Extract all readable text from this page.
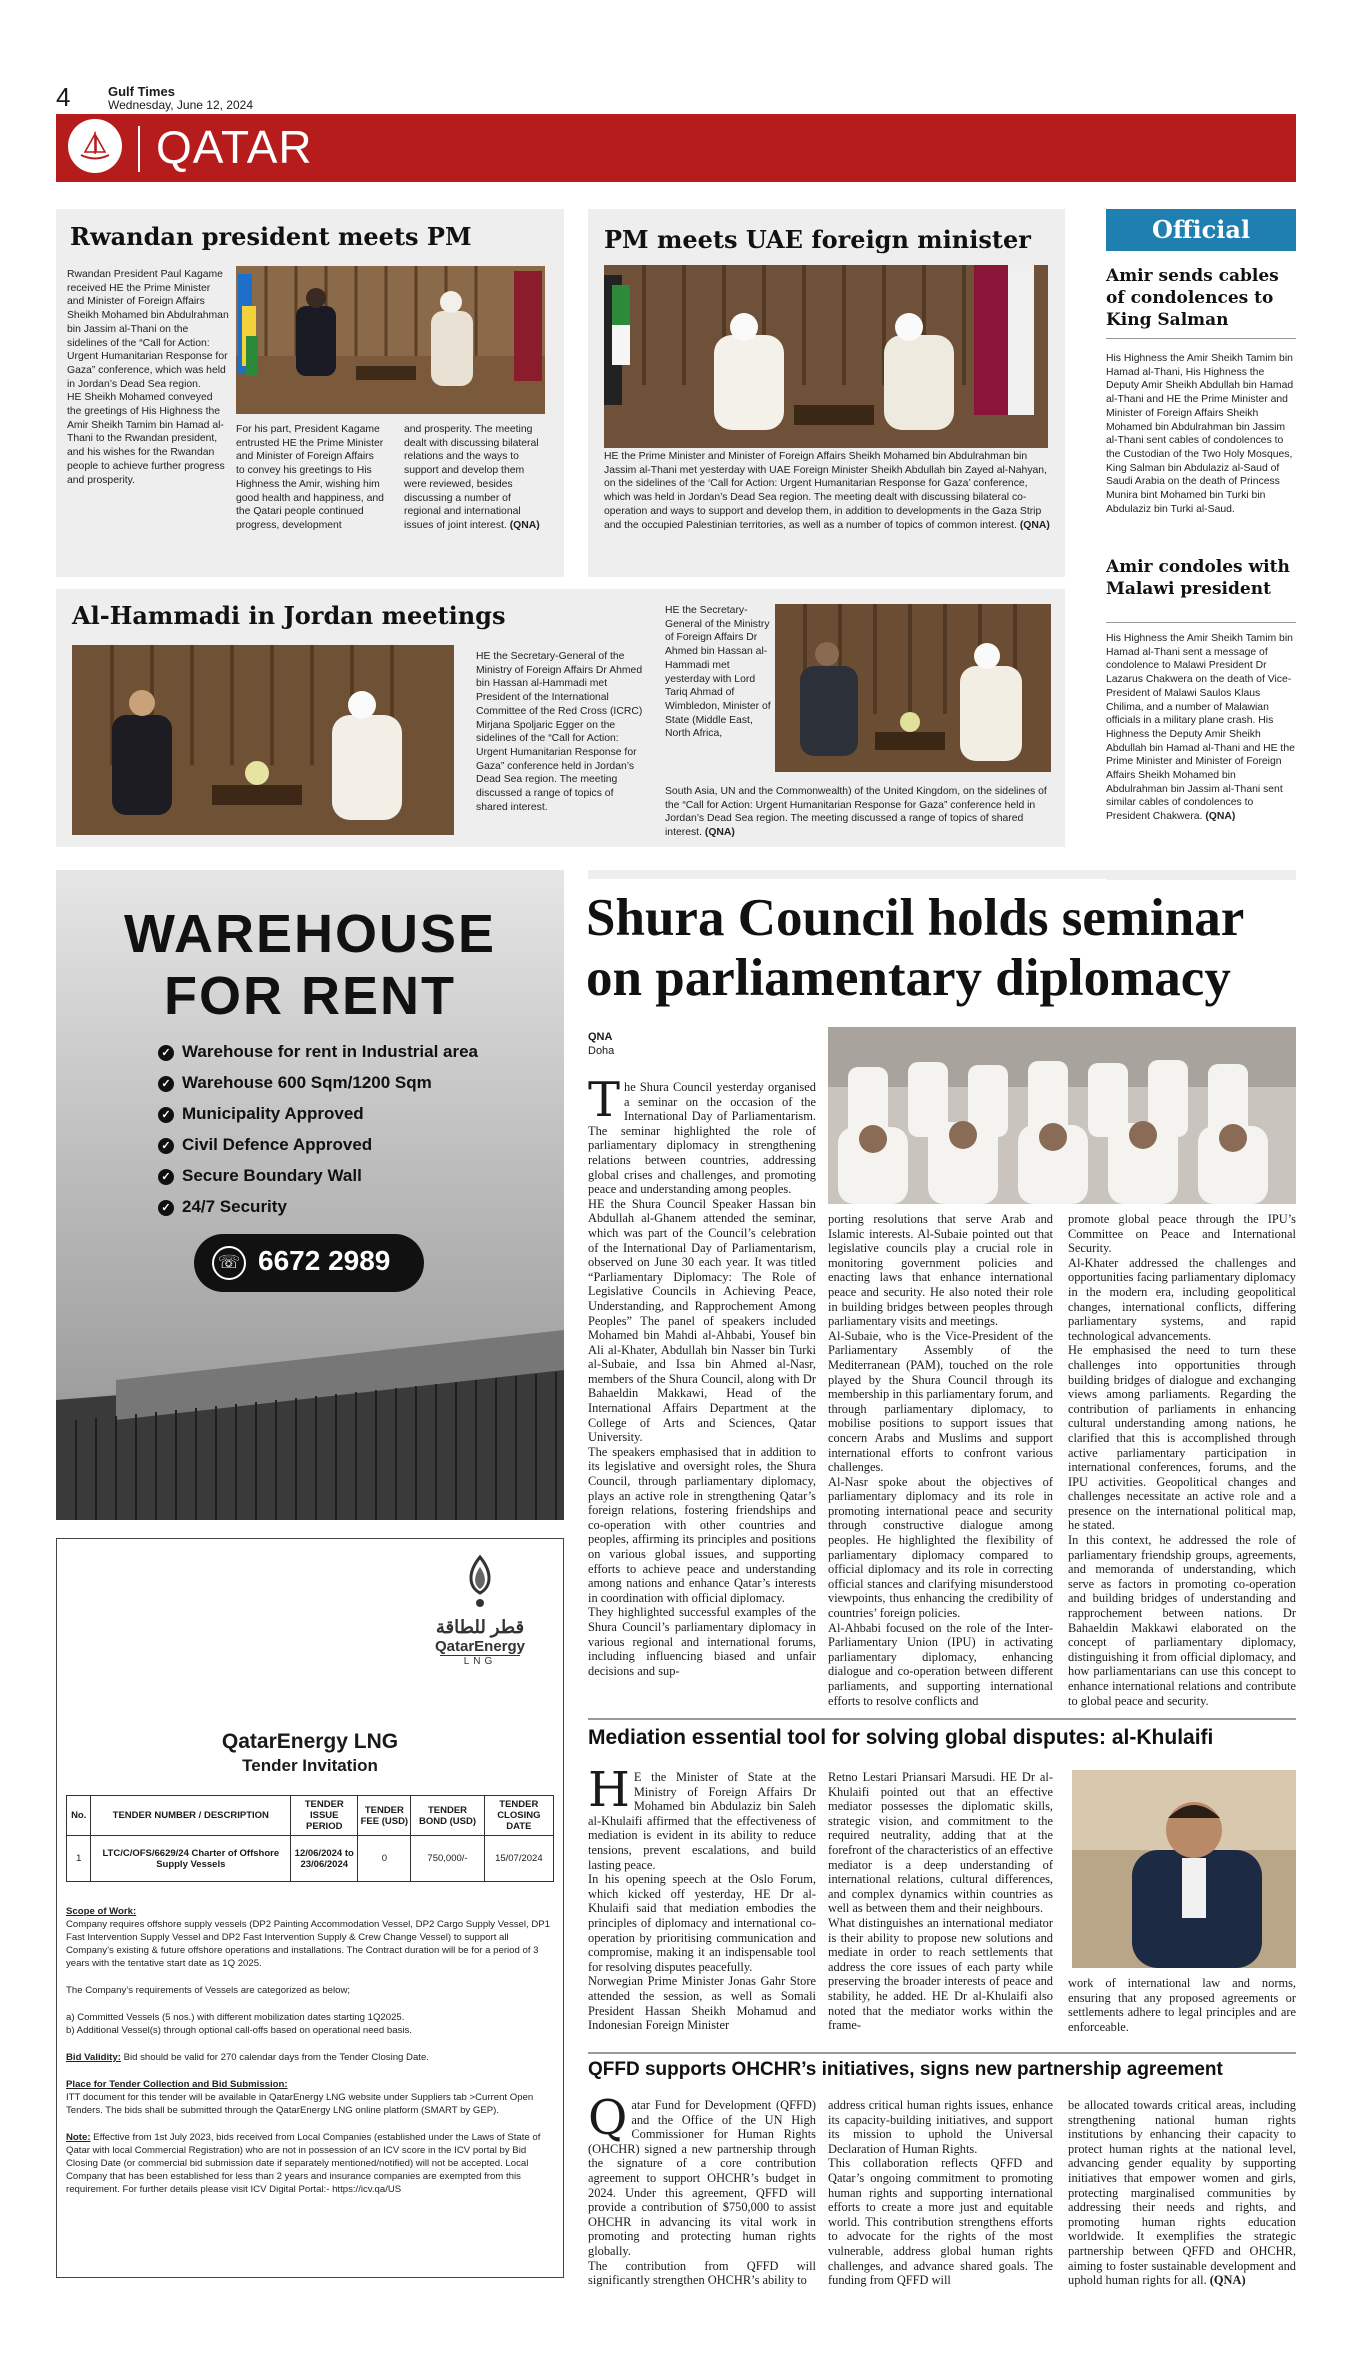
4	Gulf Times
Wednesday, June 12, 2024
QATAR
Rwandan president meets PM
Rwandan President Paul Kagame received HE the Prime Minister and Minister of Foreign Affairs Sheikh Mohamed bin Abdulrahman bin Jassim al-Thani on the sidelines of the “Call for Action: Urgent Humanitarian Response for Gaza” conference, which was held in Jordan’s Dead Sea region.
HE Sheikh Mohamed conveyed the greetings of His Highness the Amir Sheikh Tamim bin Hamad al-Thani to the Rwandan president, and his wishes for the Rwandan people to achieve further progress and prosperity.
For his part, President Kagame entrusted HE the Prime Minister and Minister of Foreign Affairs to convey his greetings to His Highness the Amir, wishing him good health and happiness, and the Qatari people continued progress, development
and prosperity. The meeting dealt with discussing bilateral relations and the ways to support and develop them were reviewed, besides discussing a number of regional and international issues of joint interest. (QNA)
PM meets UAE foreign minister
HE the Prime Minister and Minister of Foreign Affairs Sheikh Mohamed bin Abdulrahman bin Jassim al-Thani met yesterday with UAE Foreign Minister Sheikh Abdullah bin Zayed al-Nahyan, on the sidelines of the ‘Call for Action: Urgent Humanitarian Response for Gaza’ conference, which was held in Jordan’s Dead Sea region. The meeting dealt with discussing bilateral co-operation and ways to support and develop them, in addition to developments in the Gaza Strip and the occupied Palestinian territories, as well as a number of topics of common interest. (QNA)
Official
Amir sends cables of condolences to King Salman
His Highness the Amir Sheikh Tamim bin Hamad al-Thani, His Highness the Deputy Amir Sheikh Abdullah bin Hamad al-Thani and HE the Prime Minister and Minister of Foreign Affairs Sheikh Mohamed bin Abdulrahman bin Jassim al-Thani sent cables of condolences to the Custodian of the Two Holy Mosques, King Salman bin Abdulaziz al-Saud of Saudi Arabia on the death of Princess Munira bint Mohamed bin Turki bin Abdulaziz bin Turki al-Saud.
Amir condoles with Malawi president
His Highness the Amir Sheikh Tamim bin Hamad al-Thani sent a message of condolence to Malawi President Dr Lazarus Chakwera on the death of Vice-President of Malawi Saulos Klaus Chilima, and a number of Malawian officials in a military plane crash. His Highness the Deputy Amir Sheikh Abdullah bin Hamad al-Thani and HE the Prime Minister and Minister of Foreign Affairs Sheikh Mohamed bin Abdulrahman bin Jassim al-Thani sent similar cables of condolences to President Chakwera. (QNA)
Al-Hammadi in Jordan meetings
HE the Secretary-General of the Ministry of Foreign Affairs Dr Ahmed bin Hassan al-Hammadi met President of the International Committee of the Red Cross (ICRC) Mirjana Spoljaric Egger on the sidelines of the “Call for Action: Urgent Humanitarian Response for Gaza” conference held in Jordan’s Dead Sea region. The meeting discussed a range of topics of shared interest.
HE the Secretary-General of the Ministry of Foreign Affairs Dr Ahmed bin Hassan al-Hammadi met yesterday with Lord Tariq Ahmad of Wimbledon, Minister of State (Middle East, North Africa,
South Asia, UN and the Commonwealth) of the United Kingdom, on the sidelines of the “Call for Action: Urgent Humanitarian Response for Gaza” conference held in Jordan’s Dead Sea region. The meeting discussed a range of topics of shared interest. (QNA)
WAREHOUSE
FOR RENT
✓ Warehouse for rent in Industrial area
✓ Warehouse 600 Sqm/1200 Sqm
✓ Municipality Approved
✓ Civil Defence Approved
✓ Secure Boundary Wall
✓ 24/7 Security
☏ 6672 2989
قطر للطاقة
QatarEnergy
LNG
QatarEnergy LNG
Tender Invitation
No.	TENDER NUMBER / DESCRIPTION	TENDER ISSUE PERIOD	TENDER FEE (USD)	TENDER BOND (USD)	TENDER CLOSING DATE
1	LTC/C/OFS/6629/24 Charter of Offshore Supply Vessels	12/06/2024 to 23/06/2024	0	750,000/-	15/07/2024
Scope of Work:
Company requires offshore supply vessels (DP2 Painting Accommodation Vessel, DP2 Cargo Supply Vessel, DP1 Fast Intervention Supply Vessel and DP2 Fast Intervention Supply & Crew Change Vessel) to support all Company’s existing & future offshore operations and installations. The Contract duration will be for a period of 3 years with the tentative start date as 1Q 2025.
The Company’s requirements of Vessels are categorized as below;
a) Committed Vessels (5 nos.) with different mobilization dates starting 1Q2025.
b) Additional Vessel(s) through optional call-offs based on operational need basis.
Bid Validity: Bid should be valid for 270 calendar days from the Tender Closing Date.
Place for Tender Collection and Bid Submission:
ITT document for this tender will be available in QatarEnergy LNG website under Suppliers tab >Current Open Tenders. The bids shall be submitted through the QatarEnergy LNG online platform (SMART by GEP).
Note: Effective from 1st July 2023, bids received from Local Companies (established under the Laws of State of Qatar with local Commercial Registration) who are not in possession of an ICV score in the ICV portal by Bid Closing Date (or commercial bid submission date if separately mentioned/notified) will not be accepted. Local Company that has been established for less than 2 years and insurance companies are exempted from this requirement. For further details please visit ICV Digital Portal:- https://icv.qa/US
Shura Council holds seminar
on parliamentary diplomacy
QNA
Doha
The Shura Council yesterday organised a seminar on the occasion of the International Day of Parliamentarism. The seminar highlighted the role of parliamentary diplomacy in strengthening relations between countries, addressing global crises and challenges, and promoting peace and understanding among peoples.
HE the Shura Council Speaker Hassan bin Abdullah al-Ghanem attended the seminar, which was part of the Council’s celebration of the International Day of Parliamentarism, observed on June 30 each year. It was titled “Parliamentary Diplomacy: The Role of Legislative Councils in Achieving Peace, Understanding, and Rapprochement Among Peoples” The panel of speakers included Mohamed bin Mahdi al-Ahbabi, Yousef bin Ali al-Khater, Abdullah bin Nasser bin Turki al-Subaie, and Issa bin Ahmed al-Nasr, members of the Shura Council, along with Dr Bahaeldin Makkawi, Head of the International Affairs Department at the College of Arts and Sciences, Qatar University.
The speakers emphasised that in addition to its legislative and oversight roles, the Shura Council, through parliamentary diplomacy, plays an active role in strengthening Qatar’s foreign relations, fostering friendships and co-operation with other countries and peoples, affirming its principles and positions on various global issues, and supporting efforts to achieve peace and understanding among nations and enhance Qatar’s interests in coordination with official diplomacy.
They highlighted successful examples of the Shura Council’s parliamentary diplomacy in various regional and international forums, including influencing biased and unfair decisions and sup-
porting resolutions that serve Arab and Islamic interests. Al-Subaie pointed out that legislative councils play a crucial role in monitoring government policies and enacting laws that enhance international peace and security. He also noted their role in building bridges between peoples through parliamentary visits and meetings.
Al-Subaie, who is the Vice-President of the Parliamentary Assembly of the Mediterranean (PAM), touched on the role played by the Shura Council through its membership in this parliamentary forum, and through parliamentary diplomacy, to mobilise positions to support issues that concern Arabs and Muslims and support international efforts to confront various challenges.
Al-Nasr spoke about the objectives of parliamentary diplomacy and its role in promoting international peace and security through constructive dialogue among peoples. He highlighted the flexibility of parliamentary diplomacy compared to official diplomacy and its role in correcting official stances and clarifying misunderstood viewpoints, thus enhancing the credibility of countries’ foreign policies.
Al-Ahbabi focused on the role of the Inter-Parliamentary Union (IPU) in activating parliamentary diplomacy, enhancing dialogue and co-operation between different parliaments, and supporting international efforts to resolve conflicts and
promote global peace through the IPU’s Committee on Peace and International Security.
Al-Khater addressed the challenges and opportunities facing parliamentary diplomacy in the modern era, including geopolitical changes, international conflicts, differing parliamentary systems, and rapid technological advancements.
He emphasised the need to turn these challenges into opportunities through building bridges of dialogue and exchanging views among parliaments. Regarding the contribution of parliaments in enhancing cultural understanding among nations, he clarified that this is accomplished through active parliamentary participation in international conferences, forums, and the IPU activities. Geopolitical changes and challenges necessitate an active role and a presence on the international political map, he stated.
In this context, he addressed the role of parliamentary friendship groups, agreements, and memoranda of understanding, which serve as factors in promoting co-operation and building bridges of understanding and rapprochement between nations. Dr Bahaeldin Makkawi elaborated on the concept of parliamentary diplomacy, distinguishing it from official diplomacy, and how parliamentarians can use this concept to enhance international relations and contribute to global peace and security.
Mediation essential tool for solving global disputes: al-Khulaifi
H E the Minister of State at the Ministry of Foreign Affairs Dr Mohamed bin Abdulaziz bin Saleh al-Khulaifi affirmed that the effectiveness of mediation is evident in its ability to reduce tensions, prevent escalations, and build lasting peace.
In his opening speech at the Oslo Forum, which kicked off yesterday, HE Dr al-Khulaifi said that mediation embodies the principles of diplomacy and international co-operation by prioritising communication and compromise, making it an indispensable tool for resolving disputes peacefully.
Norwegian Prime Minister Jonas Gahr Store attended the session, as well as Somali President Hassan Sheikh Mohamud and Indonesian Foreign Minister
Retno Lestari Priansari Marsudi. HE Dr al-Khulaifi pointed out that an effective mediator possesses the diplomatic skills, strategic vision, and commitment to the required neutrality, adding that at the forefront of the characteristics of an effective mediator is a deep understanding of international relations, cultural differences, and complex dynamics within countries as well as between them and their neighbours.
What distinguishes an international mediator is their ability to propose new solutions and mediate in order to reach settlements that address the core issues of each party while preserving the broader interests of peace and stability, he added. HE Dr al-Khulaifi also noted that the mediator works within the frame-
work of international law and norms, ensuring that any proposed agreements or settlements adhere to legal principles and are enforceable.
QFFD supports OHCHR’s initiatives, signs new partnership agreement
Qatar Fund for Development (QFFD) and the Office of the UN High Commissioner for Human Rights (OHCHR) signed a new partnership through the signature of a core contribution agreement to support OHCHR’s budget in 2024. Under this agreement, QFFD will provide a contribution of $750,000 to assist OHCHR in advancing its vital work in promoting and protecting human rights globally.
The contribution from QFFD will significantly strengthen OHCHR’s ability to
address critical human rights issues, enhance its capacity-building initiatives, and support its mission to uphold the Universal Declaration of Human Rights.
This collaboration reflects QFFD and Qatar’s ongoing commitment to promoting human rights and supporting international efforts to create a more just and equitable world. This contribution strengthens efforts to advocate for the rights of the most vulnerable, address global human rights challenges, and advance shared goals. The funding from QFFD will
be allocated towards critical areas, including strengthening national human rights institutions by enhancing their capacity to protect human rights at the national level, advancing gender equality by supporting initiatives that empower women and girls, protecting marginalised communities by addressing their needs and rights, and promoting human rights education worldwide. It exemplifies the strategic partnership between QFFD and OHCHR, aiming to foster sustainable development and uphold human rights for all. (QNA)
